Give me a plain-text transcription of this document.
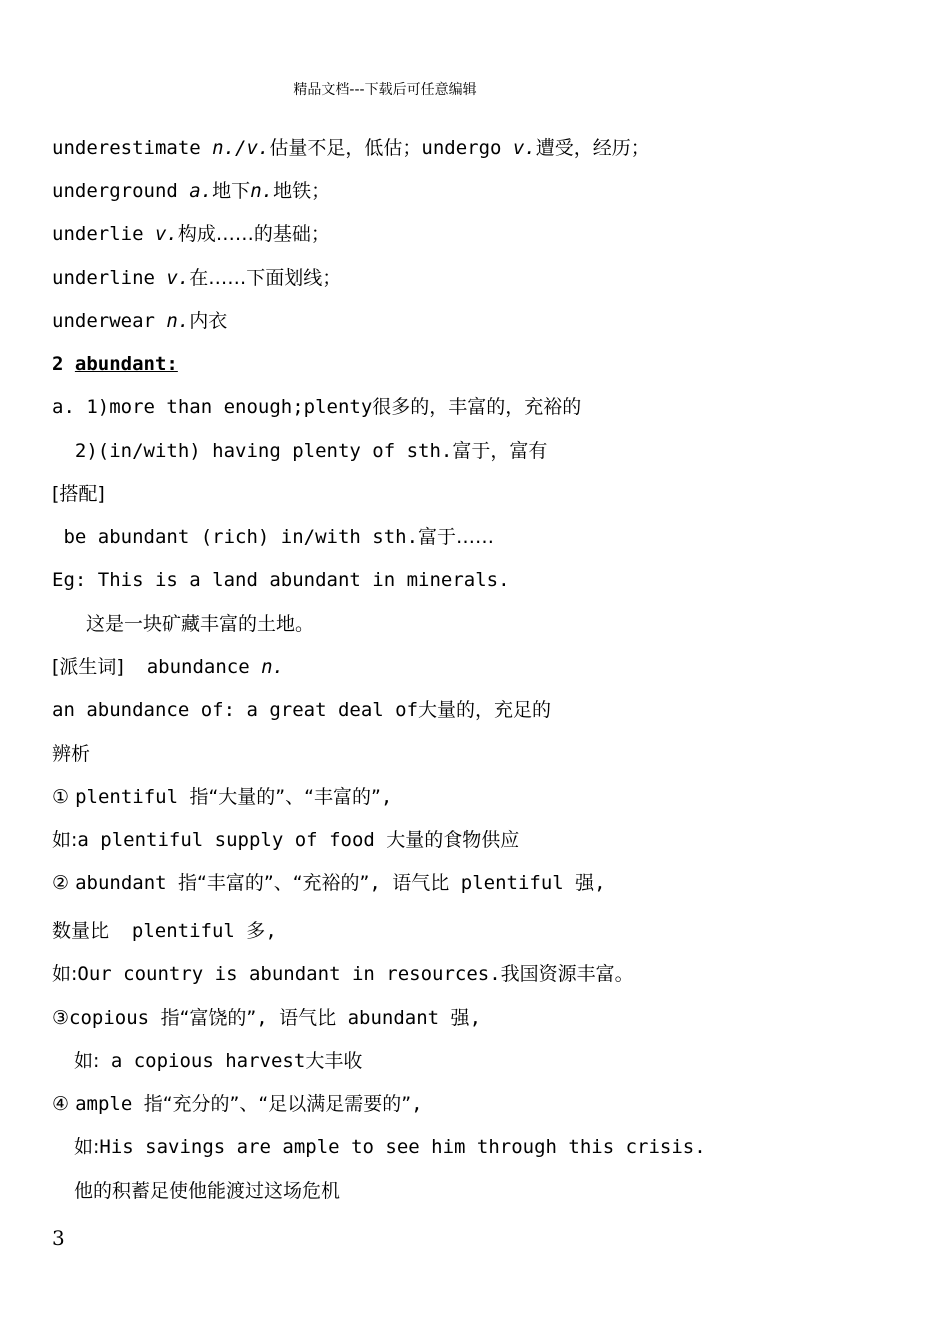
精品文档---下载后可任意编辑
underestimate n./v.估量不足，低估；undergo v.遭受，经历；
underground a.地下n.地铁；
underlie v.构成……的基础；
underline v.在……下面划线；
underwear n.内衣
2 abundant:
a. 1)more than enough;plenty很多的，丰富的，充裕的
2)(in/with) having plenty of sth.富于，富有
[搭配]
be abundant (rich) in/with sth.富于……
Eg: This is a land abundant in minerals.
这是一块矿藏丰富的土地。
[派生词]  abundance n.
an abundance of: a great deal of大量的，充足的
辨析
① plentiful 指“大量的”、“丰富的”,
如:a plentiful supply of food 大量的食物供应
② abundant 指“丰富的”、“充裕的”, 语气比 plentiful 强,
数量比  plentiful 多,
如:Our country is abundant in resources.我国资源丰富。
③copious 指“富饶的”, 语气比 abundant 强,
如: a copious harvest大丰收
④ ample 指“充分的”、“足以满足需要的”,
如:His savings are ample to see him through this crisis.
他的积蓄足使他能渡过这场危机
3
